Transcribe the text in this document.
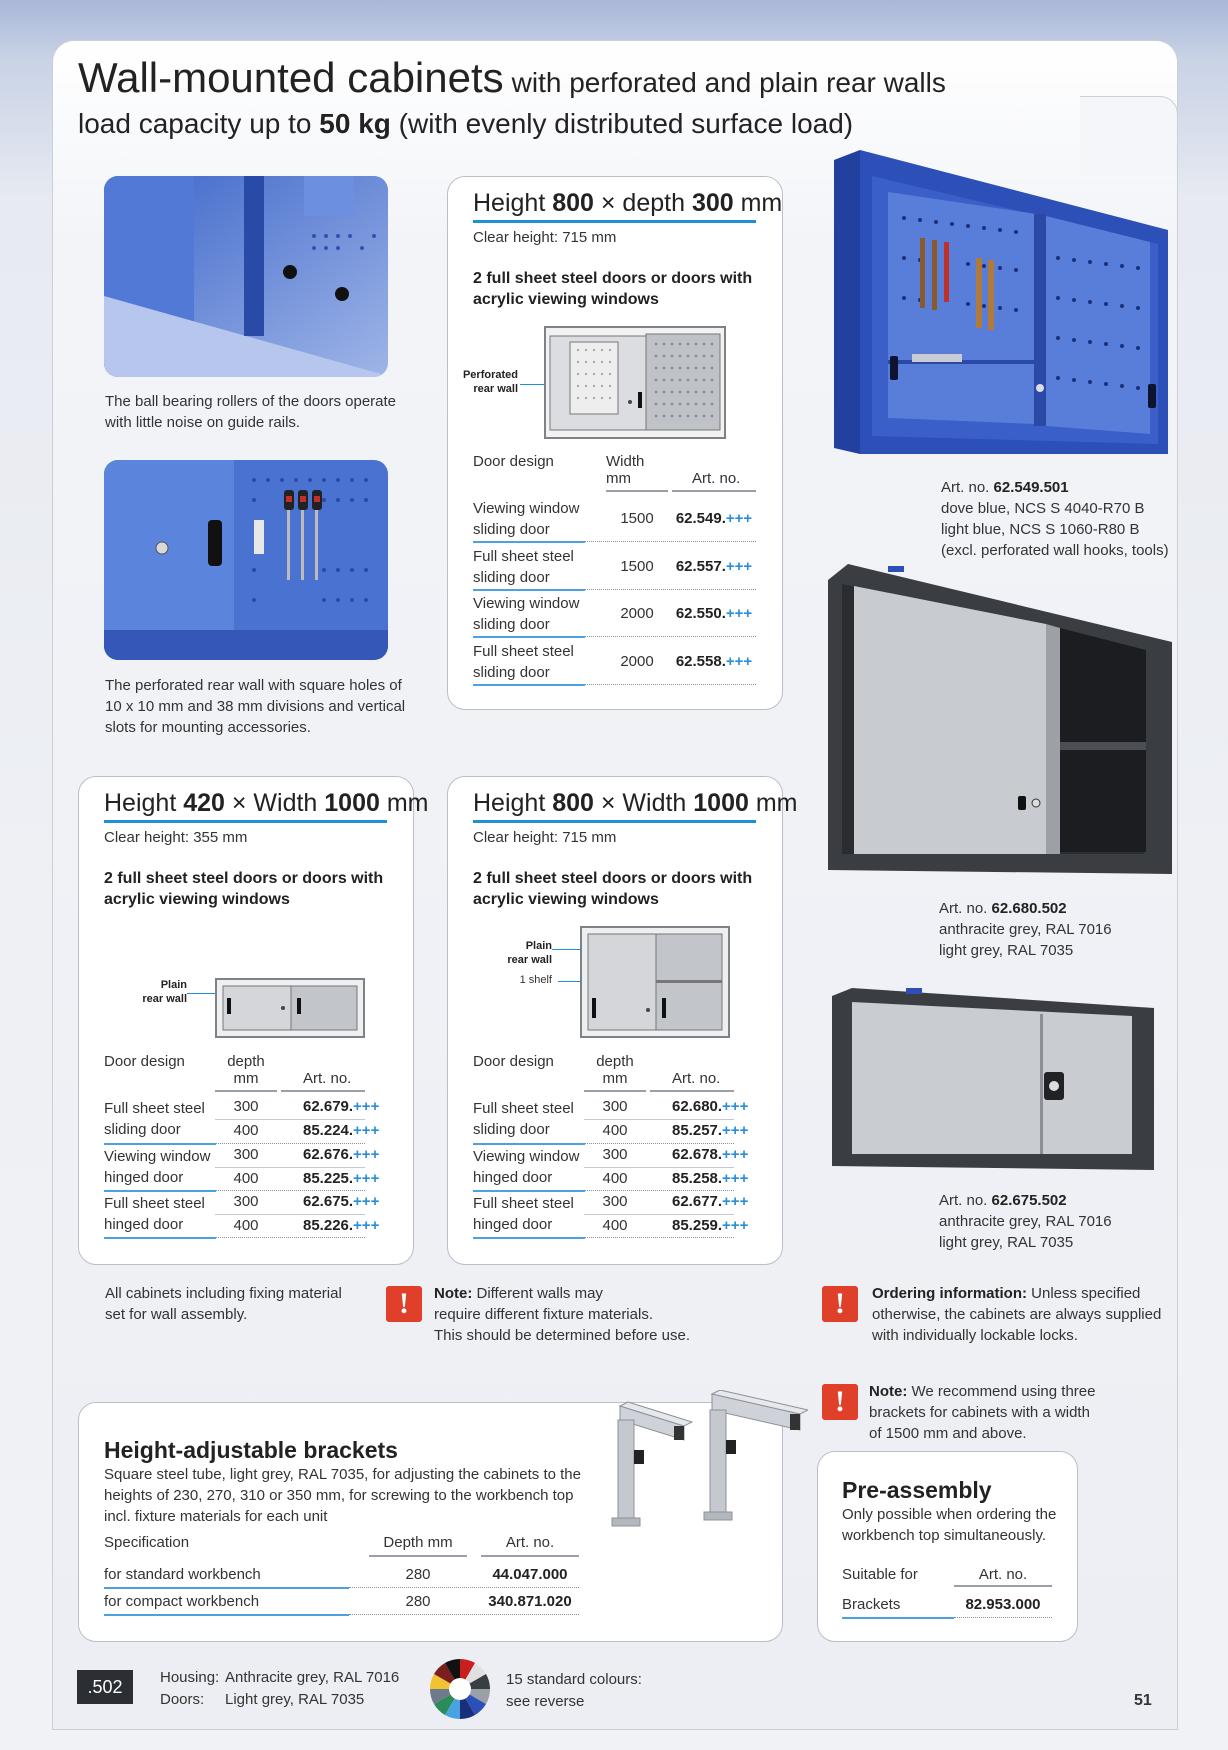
Wall-mounted cabinets with perforated and plain rear walls
load capacity up to 50 kg (with evenly distributed surface load)
The ball bearing rollers of the doors operate
with little noise on guide rails.
The perforated rear wall with square holes of
10 x 10 mm and 38 mm divisions and vertical
slots for mounting accessories.
Height 800 × depth 300 mm
Clear height: 715 mm
2 full sheet steel doors or doors with
acrylic viewing windows
Perforated
rear wall
Door design	Width
mm	Art. no.
Viewing window
sliding door
1500	62.549.+++
Full sheet steel
sliding door
1500	62.557.+++
Viewing window
sliding door
2000	62.550.+++
Full sheet steel
sliding door
2000	62.558.+++
Art. no. 62.549.501
dove blue, NCS S 4040-R70 B
light blue, NCS S 1060-R80 B
(excl. perforated wall hooks, tools)
Art. no. 62.680.502
anthracite grey, RAL 7016
light grey, RAL 7035
Art. no. 62.675.502
anthracite grey, RAL 7016
light grey, RAL 7035
Height 420 × Width 1000 mm
Clear height: 355 mm
2 full sheet steel doors or doors with
acrylic viewing windows
Plain
rear wall
Door design	depth
mm	Art. no.
Full sheet steel
sliding door
300	62.679.+++
400	85.224.+++
Viewing window
hinged door
300	62.676.+++
400	85.225.+++
Full sheet steel
hinged door
300	62.675.+++
400	85.226.+++
Height 800 × Width 1000 mm
Clear height: 715 mm
2 full sheet steel doors or doors with
acrylic viewing windows
Plain
rear wall
1 shelf
Door design	depth
mm	Art. no.
Full sheet steel
sliding door
300	62.680.+++
400	85.257.+++
Viewing window
hinged door
300	62.678.+++
400	85.258.+++
Full sheet steel
hinged door
300	62.677.+++
400	85.259.+++
All cabinets including fixing material
set for wall assembly.	!	Note: Different walls may
require different fixture materials.
This should be determined before use.
!	Ordering information: Unless specified
otherwise, the cabinets are always supplied
with individually lockable locks.
!	Note: We recommend using three
brackets for cabinets with a width
of 1500 mm and above.
Height-adjustable brackets
Square steel tube, light grey, RAL 7035, for adjusting the cabinets to the
heights of 230, 270, 310 or 350 mm, for screwing to the workbench top
incl. fixture materials for each unit
Specification	Depth mm	Art. no.
for standard workbench	280	44.047.000
for compact workbench	280	340.871.020
Pre-assembly
Only possible when ordering the
workbench top simultaneously.
Suitable for	Art. no.
Brackets	82.953.000
.502	Housing: Anthracite grey, RAL 7016
Doors: Light grey, RAL 7035
15 standard colours:
see reverse	51
